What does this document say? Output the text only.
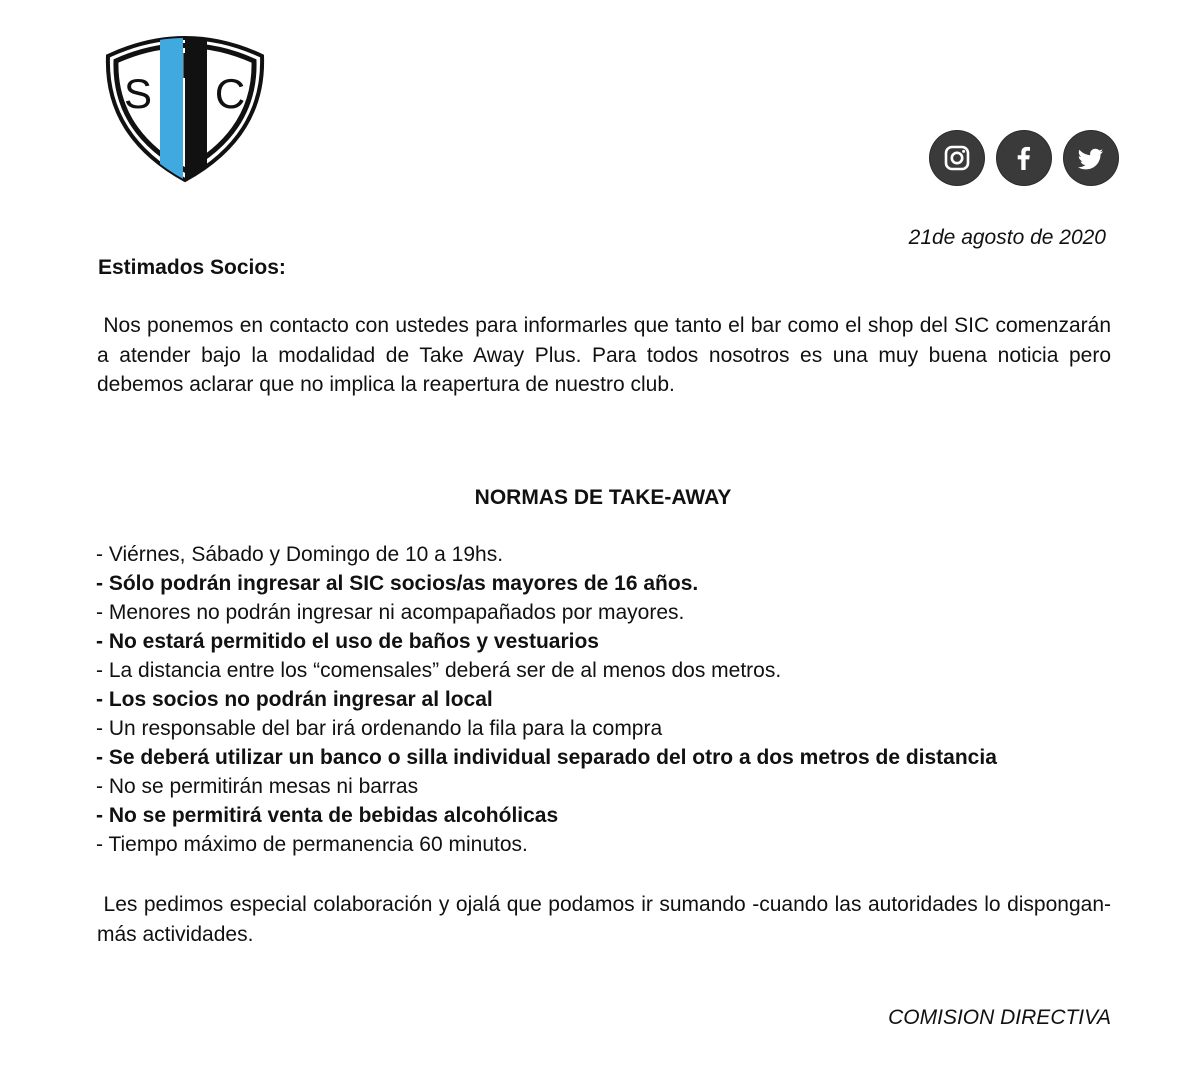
S
I
C
21de agosto de 2020
Estimados Socios:

Nos ponemos en contacto con ustedes para informarles que tanto el bar como el shop del SIC comenzarán a atender bajo la modalidad de Take Away Plus. Para todos nosotros es una muy buena noticia pero debemos aclarar que no implica la reapertura de nuestro club.

NORMAS DE TAKE-AWAY
- Viérnes, Sábado y Domingo de 10 a 19hs.
- Sólo podrán ingresar al SIC socios/as mayores de 16 años.
- Menores no podrán ingresar ni acompapañados por mayores.
- No estará permitido el uso de baños y vestuarios
- La distancia entre los “comensales” deberá ser de al menos dos metros.
- Los socios no podrán ingresar al local
- Un responsable del bar irá ordenando la fila para la compra
- Se deberá utilizar un banco o silla individual separado del otro a dos metros de distancia
- No se permitirán mesas ni barras
- No se permitirá venta de bebidas alcohólicas
- Tiempo máximo de permanencia 60 minutos.

Les pedimos especial colaboración y ojalá que podamos ir sumando -cuando las autoridades lo dispongan- más actividades.

COMISION DIRECTIVA
